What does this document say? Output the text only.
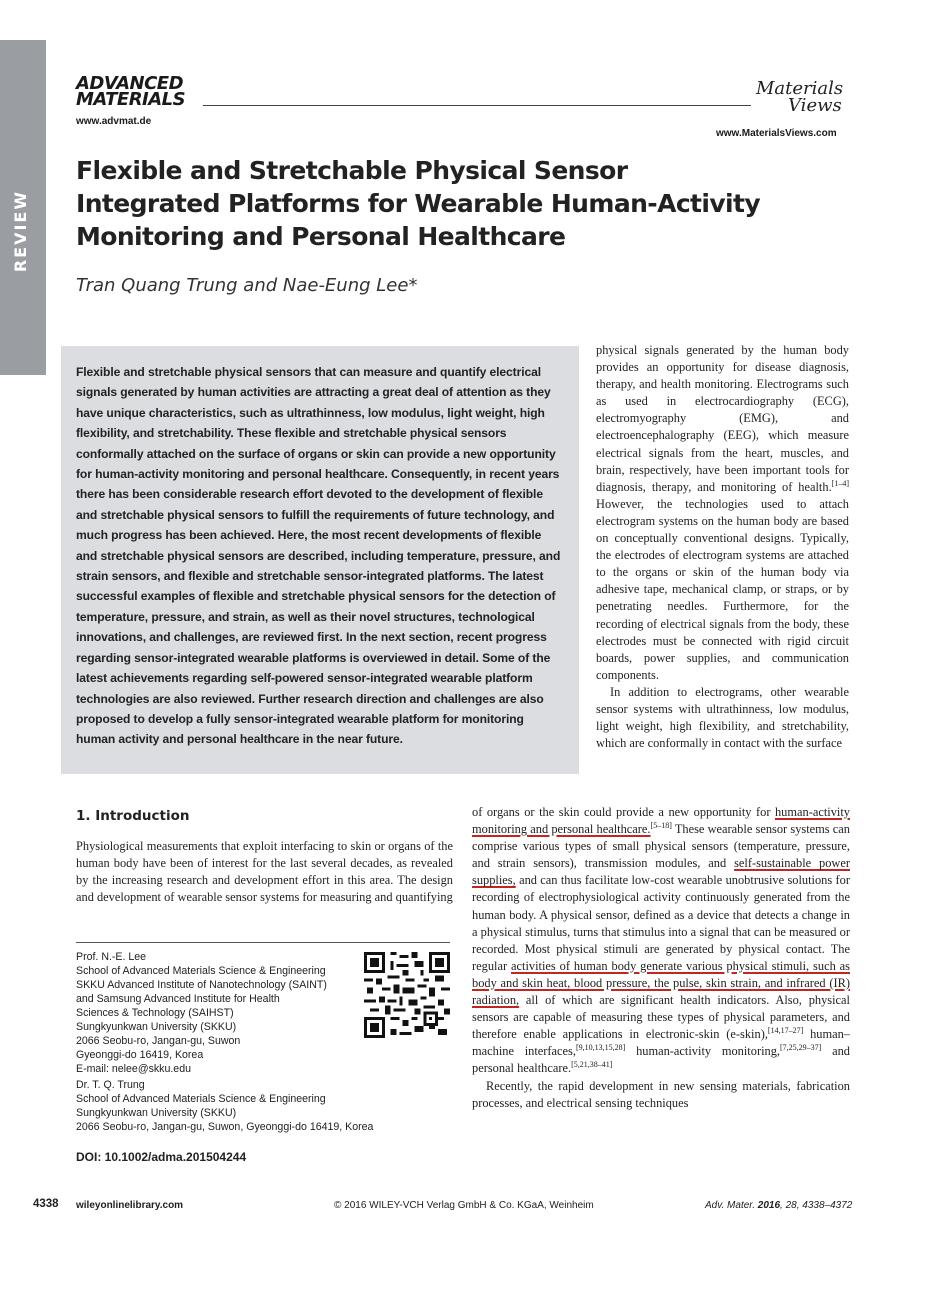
REVIEW
ADVANCED
MATERIALS
www.advmat.de
Materials
Views
www.MaterialsViews.com
Flexible and Stretchable Physical Sensor Integrated Platforms for Wearable Human-Activity Monitoring and Personal Healthcare
Tran Quang Trung and Nae-Eung Lee*

Flexible and stretchable physical sensors that can measure and quantify electrical signals generated by human activities are attracting a great deal of attention as they have unique characteristics, such as ultrathinness, low modulus, light weight, high flexibility, and stretchability. These flexible and stretchable physical sensors conformally attached on the surface of organs or skin can provide a new opportunity for human-activity monitoring and personal healthcare. Consequently, in recent years there has been considerable research effort devoted to the development of flexible and stretchable physical sensors to fulfill the requirements of future technology, and much progress has been achieved. Here, the most recent developments of flexible and stretchable physical sensors are described, including temperature, pressure, and strain sensors, and flexible and stretchable sensor-integrated platforms. The latest successful examples of flexible and stretchable physical sensors for the detection of temperature, pressure, and strain, as well as their novel structures, technological innovations, and challenges, are reviewed first. In the next section, recent progress regarding sensor-integrated wearable platforms is overviewed in detail. Some of the latest achievements regarding self-powered sensor-integrated wearable platform technologies are also reviewed. Further research direction and challenges are also proposed to develop a fully sensor-integrated wearable platform for monitoring human activity and personal healthcare in the near future.

physical signals generated by the human body provides an opportunity for disease diagnosis, therapy, and health monitoring. Electrograms such as used in electrocardiography (ECG), electromyography (EMG), and electroencephalography (EEG), which measure electrical signals from the heart, muscles, and brain, respectively, have been important tools for diagnosis, therapy, and monitoring of health.[1–4] However, the technologies used to attach electrogram systems on the human body are based on conceptually conventional designs. Typically, the electrodes of electrogram systems are attached to the organs or skin of the human body via adhesive tape, mechanical clamp, or straps, or by penetrating needles. Furthermore, for the recording of electrical signals from the body, these electrodes must be connected with rigid circuit boards, power supplies, and communication components.

In addition to electrograms, other wearable sensor systems with ultrathinness, low modulus, light weight, high flexibility, and stretchability, which are conformally in contact with the surface

of organs or the skin could provide a new opportunity for human-activity monitoring and personal healthcare.[5–18] These wearable sensor systems can comprise various types of small physical sensors (temperature, pressure, and strain sensors), transmission modules, and self-sustainable power supplies, and can thus facilitate low-cost wearable unobtrusive solutions for recording of electrophysiological activity continuously generated from the human body. A physical sensor, defined as a device that detects a change in a physical stimulus, turns that stimulus into a signal that can be measured or recorded. Most physical stimuli are generated by physical contact. The regular activities of human body generate various physical stimuli, such as body and skin heat, blood pressure, the pulse, skin strain, and infrared (IR) radiation, all of which are significant health indicators. Also, physical sensors are capable of measuring these types of physical parameters, and therefore enable applications in electronic-skin (e-skin),[14,17–27] human–machine interfaces,[9,10,13,15,28] human-activity monitoring,[7,25,29–37] and personal healthcare.[5,21,38–41]

Recently, the rapid development in new sensing materials, fabrication processes, and electrical sensing techniques

1. Introduction

Physiological measurements that exploit interfacing to skin or organs of the human body have been of interest for the last several decades, as revealed by the increasing research and development effort in this area. The design and development of wearable sensor systems for measuring and quantifying

Prof. N.-E. Lee
School of Advanced Materials Science & Engineering
SKKU Advanced Institute of Nanotechnology (SAINT)
and Samsung Advanced Institute for Health
Sciences & Technology (SAIHST)
Sungkyunkwan University (SKKU)
2066 Seobu-ro, Jangan-gu, Suwon
Gyeonggi-do 16419, Korea
E-mail: nelee@skku.edu
Dr. T. Q. Trung
School of Advanced Materials Science & Engineering
Sungkyunkwan University (SKKU)
2066 Seobu-ro, Jangan-gu, Suwon, Gyeonggi-do 16419, Korea
DOI: 10.1002/adma.201504244
4338 wileyonlinelibrary.com	© 2016 WILEY-VCH Verlag GmbH & Co. KGaA, Weinheim	Adv. Mater. 2016, 28, 4338–4372
